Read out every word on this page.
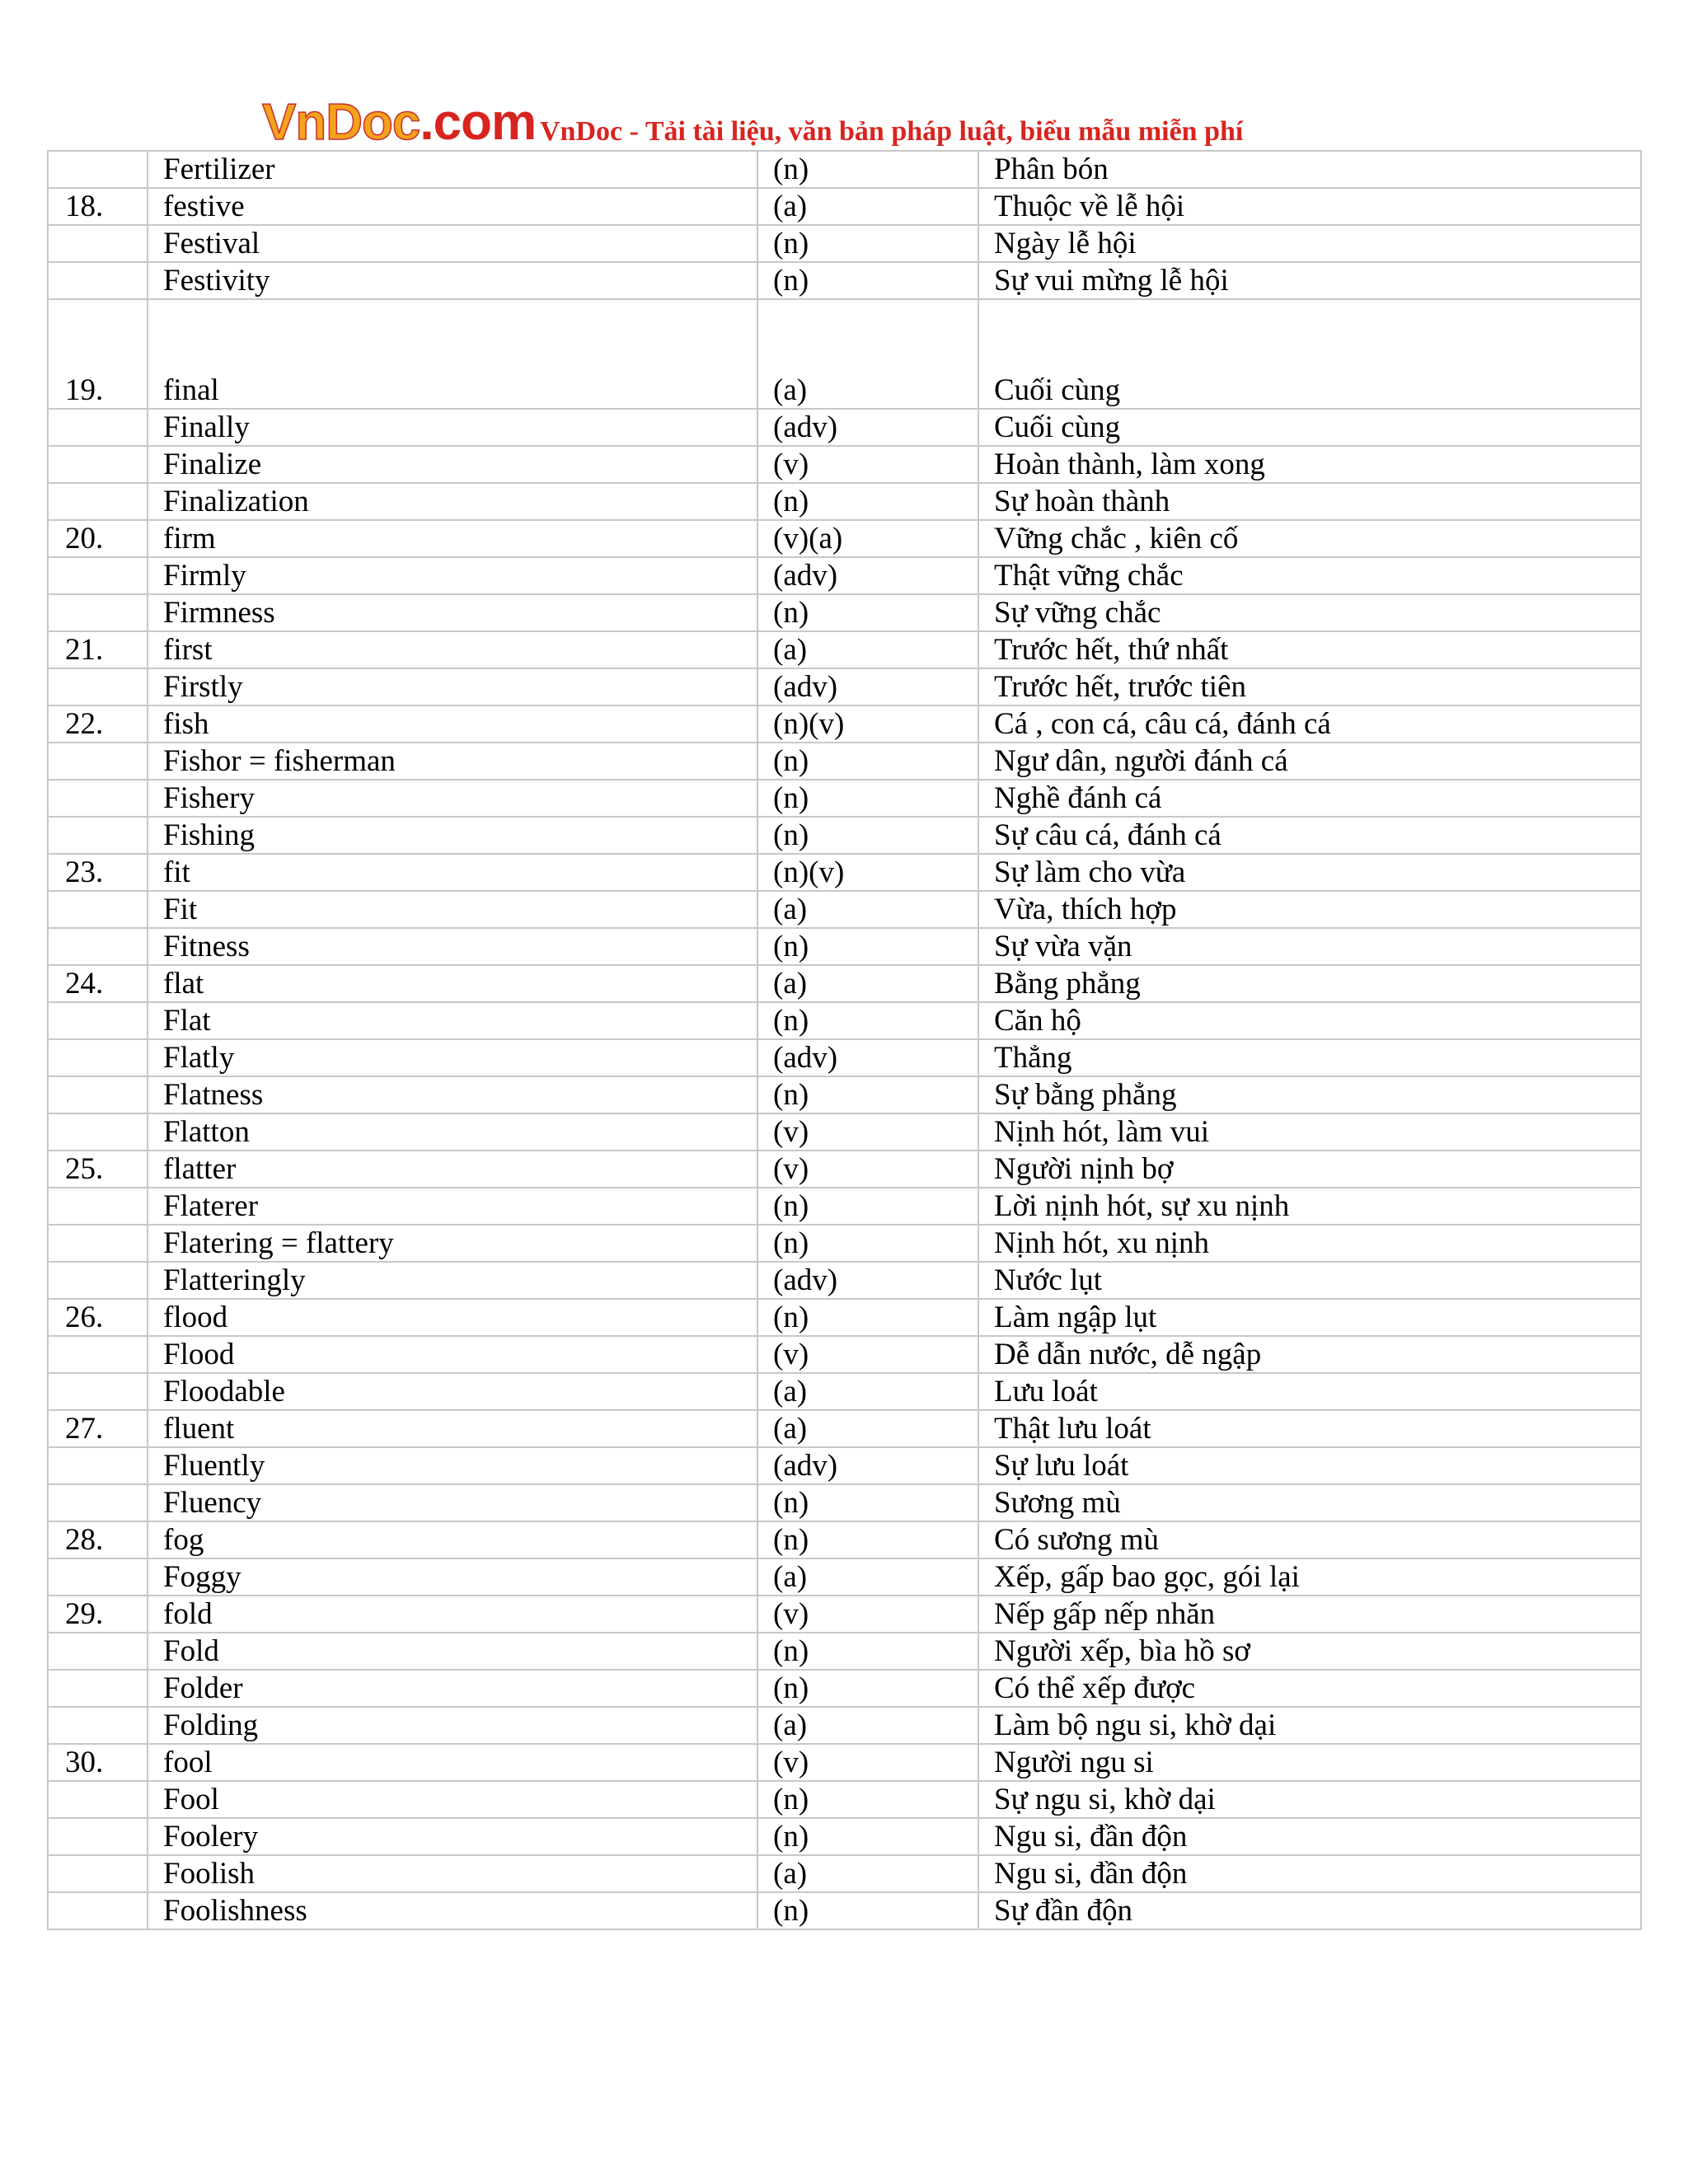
VnDoc.com VnDoc - Tải tài liệu, văn bản pháp luật, biểu mẫu miễn phí
	Fertilizer	(n)	Phân bón
18.	festive	(a)	Thuộc về lễ hội
	Festival	(n)	Ngày lễ hội
	Festivity	(n)	Sự vui mừng lễ hội
19.	final	(a)	Cuối cùng
	Finally	(adv)	Cuối cùng
	Finalize	(v)	Hoàn thành, làm xong
	Finalization	(n)	Sự hoàn thành
20.	firm	(v)(a)	Vững chắc , kiên cố
	Firmly	(adv)	Thật vững chắc
	Firmness	(n)	Sự vững chắc
21.	first	(a)	Trước hết, thứ nhất
	Firstly	(adv)	Trước hết, trước tiên
22.	fish	(n)(v)	Cá , con cá, câu cá, đánh cá
	Fishor = fisherman	(n)	Ngư dân, người đánh cá
	Fishery	(n)	Nghề đánh cá
	Fishing	(n)	Sự câu cá, đánh cá
23.	fit	(n)(v)	Sự làm cho vừa
	Fit	(a)	Vừa, thích hợp
	Fitness	(n)	Sự vừa vặn
24.	flat	(a)	Bằng phẳng
	Flat	(n)	Căn hộ
	Flatly	(adv)	Thẳng
	Flatness	(n)	Sự bằng phẳng
	Flatton	(v)	Nịnh hót, làm vui
25.	flatter	(v)	Người nịnh bợ
	Flaterer	(n)	Lời nịnh hót, sự xu nịnh
	Flatering = flattery	(n)	Nịnh hót, xu nịnh
	Flatteringly	(adv)	Nước lụt
26.	flood	(n)	Làm ngập lụt
	Flood	(v)	Dễ dẫn nước, dễ ngập
	Floodable	(a)	Lưu loát
27.	fluent	(a)	Thật lưu loát
	Fluently	(adv)	Sự lưu loát
	Fluency	(n)	Sương mù
28.	fog	(n)	Có sương mù
	Foggy	(a)	Xếp, gấp bao gọc, gói lại
29.	fold	(v)	Nếp gấp nếp nhăn
	Fold	(n)	Người xếp, bìa hồ sơ
	Folder	(n)	Có thể xếp được
	Folding	(a)	Làm bộ ngu si, khờ dại
30.	fool	(v)	Người ngu si
	Fool	(n)	Sự ngu si, khờ dại
	Foolery	(n)	Ngu si, đần độn
	Foolish	(a)	Ngu si, đần độn
	Foolishness	(n)	Sự đần độn
